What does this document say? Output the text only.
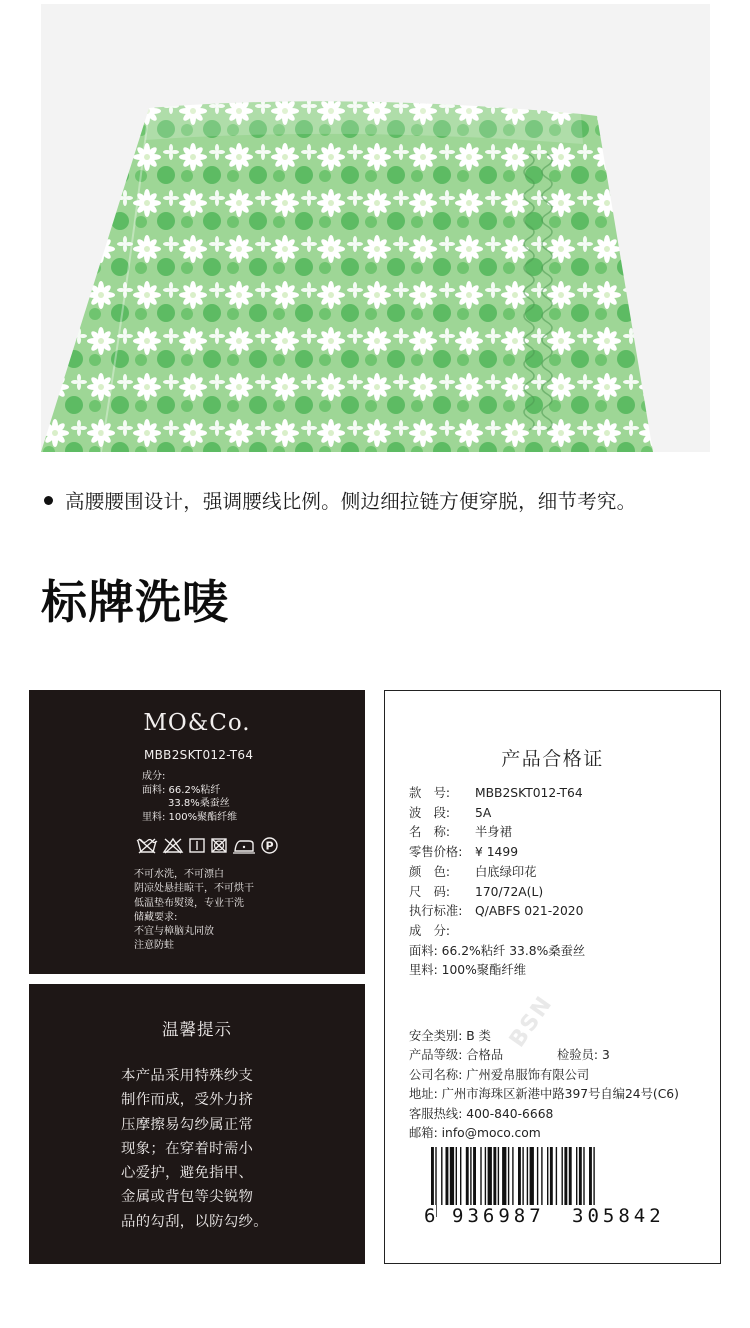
高腰腰围设计，强调腰线比例。侧边细拉链方便穿脱，细节考究。
标牌洗唛
MO&Co.
MBB2SKT012-T64
成分:
面料: 66.2%粘纤
33.8%桑蚕丝
里料: 100%聚酯纤维
P
不可水洗，不可漂白
阴凉处悬挂晾干，不可烘干
低温垫布熨烫，专业干洗
储藏要求:
不宜与樟脑丸同放
注意防蛀
温馨提示
本产品采用特殊纱支
制作而成，受外力挤
压摩擦易勾纱属正常
现象；在穿着时需小
心爱护，避免指甲、
金属或背包等尖锐物
品的勾刮，以防勾纱。
产品合格证
款　号:	MBB2SKT012-T64
波　段:	5A
名　称:	半身裙
零售价格:	¥ 1499
颜　色:	白底绿印花
尺　码:	170/72A(L)
执行标准:	Q/ABFS 021-2020
成　分:
面料: 66.2%粘纤 33.8%桑蚕丝
里料: 100%聚酯纤维
BSN
安全类别: B 类
产品等级: 合格品	检验员: 3
公司名称: 广州爱帛服饰有限公司
地址: 广州市海珠区新港中路397号自编24号(C6)
客服热线: 400-840-6668
邮箱: info@moco.com
6 936987 305842
